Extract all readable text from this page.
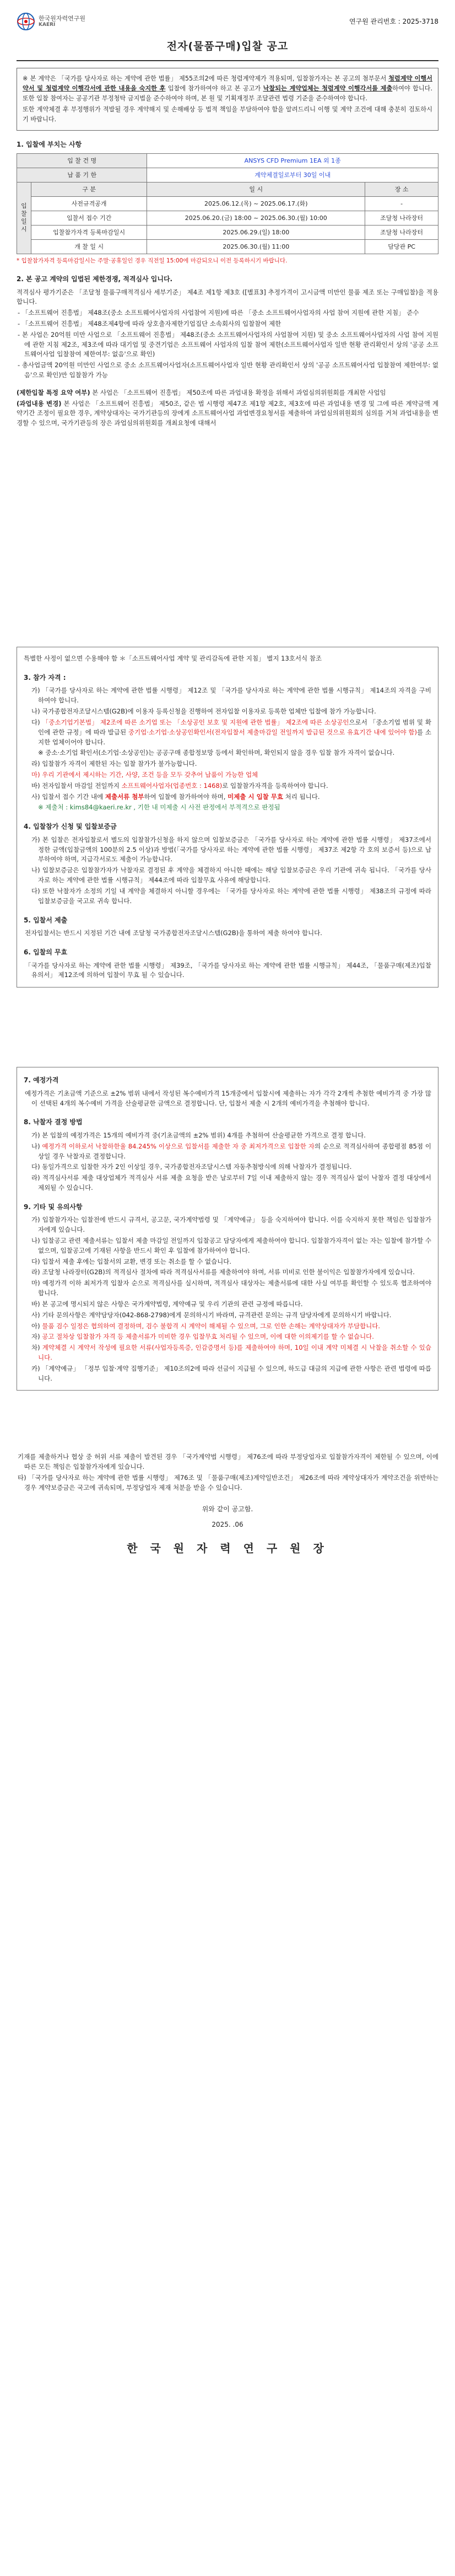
한국원자력연구원
KAERI	연구원 관리번호 : 2025-3718
전자(물품구매)입찰 공고

※ 본 계약은 「국가를 당사자로 하는 계약에 관한 법률」 제55조의2에 따른 청렴계약제가 적용되며, 입찰참가자는 본 공고의 첨부문서 청렴계약 이행서약서 및 청렴계약 이행각서에 관한 내용을 숙지한 후 입찰에 참가하여야 하고 본 공고가 낙찰되는 계약업체는 청렴계약 이행각서를 제출하여야 합니다. 또한 입찰 참여자는 공공기관 부정청탁 금지법을 준수하여야 하며, 본 원 및 기획재정부 조달관련 법령 기준을 준수하여야 합니다.

또한 계약체결 후 부정행위가 적발될 경우 계약해지 및 손해배상 등 법적 책임을 부담하여야 함을 알려드리니 이행 및 계약 조건에 대해 충분히 검토하시기 바랍니다.

1. 입찰에 부치는 사항
입 찰 건 명		ANSYS CFD Premium 1EA 외 1종	
납 품 기 한		계약체결일로부터 30일 이내	
입찰일시	구 분	일 시	장 소
	사전규격공개	2025.06.12.(목) ~ 2025.06.17.(화)	-
	입찰서 접수 기간	2025.06.20.(금) 18:00 ~ 2025.06.30.(월) 10:00	조달청 나라장터
	입찰참가자격 등록마감일시	2025.06.29.(일) 18:00	조달청 나라장터
	개 찰 일 시	2025.06.30.(월) 11:00	담당관 PC
* 입찰참가자격 등록마감일시는 주말·공휴일인 경우 직전일 15:00에 마감되오니 이전 등록하시기 바랍니다.
2. 본 공고 계약의 입법된 제한경쟁, 적격심사 입니다.

적격심사 평가기준은 「조달청 물품구매적격심사 세부기준」 제4조 제1항 제3호 ([별표3] 추정가격이 고시금액 미만인 물품 제조 또는 구매입찰)을 적용합니다.

- 「소프트웨어 진흥법」 제48조(중소 소프트웨어사업자의 사업참여 지원)에 따른 「중소 소프트웨어사업자의 사업 참여 지원에 관한 지침」 준수

- 「소프트웨어 진흥법」 제48조제4항에 따라 상호출자제한기업집단 소속회사의 입찰참여 제한

- 본 사업은 20억원 미만 사업으로 「소프트웨어 진흥법」 제48조(중소 소프트웨어사업자의 사업참여 지원) 및 중소 소프트웨어사업자의 사업 참여 지원에 관한 지침 제2조, 제3조에 따라 대기업 및 중견기업은 소프트웨어 사업자의 입찰 참여 제한(소프트웨어사업자 일반 현황 관리확인서 상의 '공공 소프트웨어사업 입찰참여 제한여부: 없음'으로 확인)

- 총사업금액 20억원 미만인 사업으로 중소 소프트웨어사업자(소프트웨어사업자 일반 현황 관리확인서 상의 '공공 소프트웨어사업 입찰참여 제한여부: 없음'으로 확인)만 입찰참가 가능

(제한입찰 특정 요약 여부) 본 사업은 「소프트웨어 진흥법」 제50조에 따른 과업내용 확정을 위해서 과업심의위원회를 개최한 사업임

(과업내용 변경) 본 사업은 「소프트웨어 진흥법」 제50조, 같은 법 시행령 제47조 제1항 제2호, 제3호에 따른 과업내용 변경 및 그에 따른 계약금액 계약기간 조정이 필요한 경우, 계약상대자는 국가기관등의 장에게 소프트웨어사업 과업변경요청서를 제출하여 과업심의위원회의 심의를 거쳐 과업내용을 변경할 수 있으며, 국가기관등의 장은 과업심의위원회를 개최요청에 대해서

특별한 사정이 없으면 수용해야 함 ＊「소프트웨어사업 계약 및 관리감독에 관한 지침」 별지 13호서식 참조

3. 참가 자격 :

가) 「국가를 당사자로 하는 계약에 관한 법률 시행령」 제12조 및 「국가를 당사자로 하는 계약에 관한 법률 시행규칙」 제14조의 자격을 구비하여야 합니다.

나) 국가종합전자조달시스템(G2B)에 이용자 등록신청을 진행하여 전자입찰 이용자로 등록한 업체만 입찰에 참가 가능합니다.

다) 「중소기업기본법」 제2조에 따른 소기업 또는 「소상공인 보호 및 지원에 관한 법률」 제2조에 따른 소상공인으로서 「중소기업 범위 및 확인에 관한 규정」에 따라 발급된 중기업·소기업·소상공인확인서(전자입찰서 제출마감일 전일까지 발급된 것으로 유효기간 내에 있어야 함)를 소지한 업체이어야 합니다.

※ 중소·소기업 확인서(소기업·소상공인)는 공공구매 종합정보망 등에서 확인하며, 확인되지 않을 경우 입찰 참가 자격이 없습니다.

라) 입찰참가 자격이 제한된 자는 입찰 참가가 불가능합니다.

마) 우리 기관에서 제시하는 기간, 사양, 조건 등을 모두 갖추어 납품이 가능한 업체

바) 전자입찰서 마감일 전일까지 소프트웨어사업자(업종번호 : 1468)로 입찰참가자격을 등록하여야 합니다.

사) 입찰서 접수 기간 내에 제출서류 첨부하여 입찰에 참가하여야 하며, 미제출 시 입찰 무효 처리 됩니다.

※ 제출처 : kims84@kaeri.re.kr , 기한 내 미제출 시 사전 판정에서 부적격으로 판정됨

4. 입찰참가 신청 및 입찰보증금

가) 본 입찰은 전자입찰로서 별도의 입찰참가신청을 하지 않으며 입찰보증금은 「국가를 당사자로 하는 계약에 관한 법률 시행령」 제37조에서 정한 금액(입찰금액의 100분의 2.5 이상)과 방법(「국가를 당사자로 하는 계약에 관한 법률 시행령」 제37조 제2항 각 호의 보증서 등)으로 납부하여야 하며, 지급각서로도 제출이 가능합니다.

나) 입찰보증금은 입찰참가자가 낙찰자로 결정된 후 계약을 체결하지 아니한 때에는 해당 입찰보증금은 우리 기관에 귀속 됩니다. 「국가를 당사자로 하는 계약에 관한 법률 시행규칙」 제44조에 따라 입찰무효 사유에 해당합니다.

다) 또한 낙찰자가 소정의 기일 내 계약을 체결하지 아니할 경우에는 「국가를 당사자로 하는 계약에 관한 법률 시행령」 제38조의 규정에 따라 입찰보증금을 국고로 귀속 합니다.

5. 입찰서 제출

전자입찰서는 반드시 지정된 기간 내에 조달청 국가종합전자조달시스템(G2B)을 통하여 제출 하여야 합니다.

6. 입찰의 무효

「국가를 당사자로 하는 계약에 관한 법률 시행령」 제39조, 「국가를 당사자로 하는 계약에 관한 법률 시행규칙」 제44조, 「물품구매(제조)입찰유의서」 제12조에 의하여 입찰이 무효 될 수 있습니다.

7. 예정가격

예정가격은 기초금액 기준으로 ±2% 범위 내에서 작성된 복수예비가격 15개중에서 입찰시에 제출하는 자가 각각 2개씩 추첨한 예비가격 중 가장 많이 선택된 4개의 복수예비 가격을 산술평균한 금액으로 결정합니다. 단, 입찰서 제출 시 2개의 예비가격을 추첨해야 합니다.

8. 낙찰자 결정 방법

가) 본 입찰의 예정가격은 15개의 예비가격 중(기초금액의 ±2% 범위) 4개를 추첨하여 산술평균한 가격으로 결정 합니다.

나) 예정가격 이하로서 낙찰하한율 84.245% 이상으로 입찰서를 제출한 자 중 최저가격으로 입찰한 자의 순으로 적격심사하여 종합평점 85점 이상일 경우 낙찰자로 결정합니다.

다) 동일가격으로 입찰한 자가 2인 이상일 경우, 국가종합전자조달시스템 자동추첨방식에 의해 낙찰자가 결정됩니다.

라) 적격심사서류 제출 대상업체가 적격심사 서류 제출 요청을 받은 날로부터 7일 이내 제출하지 않는 경우 적격심사 없이 낙찰자 결정 대상에서 제외될 수 있습니다.

9. 기타 및 유의사항

가) 입찰참가자는 입찰전에 반드시 규격서, 공고문, 국가계약법령 및 「계약예규」 등을 숙지하여야 합니다. 이를 숙지하지 못한 책임은 입찰참가자에게 있습니다.

나) 입찰공고 관련 제출서류는 입찰서 제출 마감일 전일까지 입찰공고 담당자에게 제출하여야 합니다. 입찰참가자격이 없는 자는 입찰에 참가할 수 없으며, 입찰공고에 기재된 사항을 반드시 확인 후 입찰에 참가하여야 합니다.

다) 입찰서 제출 후에는 입찰서의 교환, 변경 또는 취소를 할 수 없습니다.

라) 조달청 나라장터(G2B)의 적격심사 절차에 따라 적격심사서류를 제출하여야 하며, 서류 미비로 인한 불이익은 입찰참가자에게 있습니다.

마) 예정가격 이하 최저가격 입찰자 순으로 적격심사를 실시하며, 적격심사 대상자는 제출서류에 대한 사실 여부를 확인할 수 있도록 협조하여야 합니다.

바) 본 공고에 명시되지 않은 사항은 국가계약법령, 계약예규 및 우리 기관의 관련 규정에 따릅니다.

사) 기타 문의사항은 계약담당자(042-868-2798)에게 문의하시기 바라며, 규격관련 문의는 규격 담당자에게 문의하시기 바랍니다.

아) 물품 검수 일정은 협의하여 결정하며, 검수 불합격 시 계약이 해제될 수 있으며, 그로 인한 손해는 계약상대자가 부담합니다.

자) 공고 절차상 입찰참가 자격 등 제출서류가 미비한 경우 입찰무효 처리될 수 있으며, 이에 대한 이의제기를 할 수 없습니다.

차) 계약체결 시 계약서 작성에 필요한 서류(사업자등록증, 인감증명서 등)를 제출하여야 하며, 10일 이내 계약 미체결 시 낙찰을 취소할 수 있습니다.

카) 「계약예규」 「정부 입찰·계약 집행기준」 제10조의2에 따라 선금이 지급될 수 있으며, 하도급 대금의 지급에 관한 사항은 관련 법령에 따릅니다.

기재를 제출하거나 협상 중 허위 서류 제출이 발견된 경우 「국가계약법 시행령」 제76조에 따라 부정당업자로 입찰참가자격이 제한될 수 있으며, 이에 따른 모든 책임은 입찰참가자에게 있습니다.

타) 「국가를 당사자로 하는 계약에 관한 법률 시행령」 제76조 및 「물품구매(제조)계약일반조건」 제26조에 따라 계약상대자가 계약조건을 위반하는 경우 계약보증금은 국고에 귀속되며, 부정당업자 제재 처분을 받을 수 있습니다.

위와 같이 공고함.
2025. .06
한 국 원 자 력 연 구 원 장
